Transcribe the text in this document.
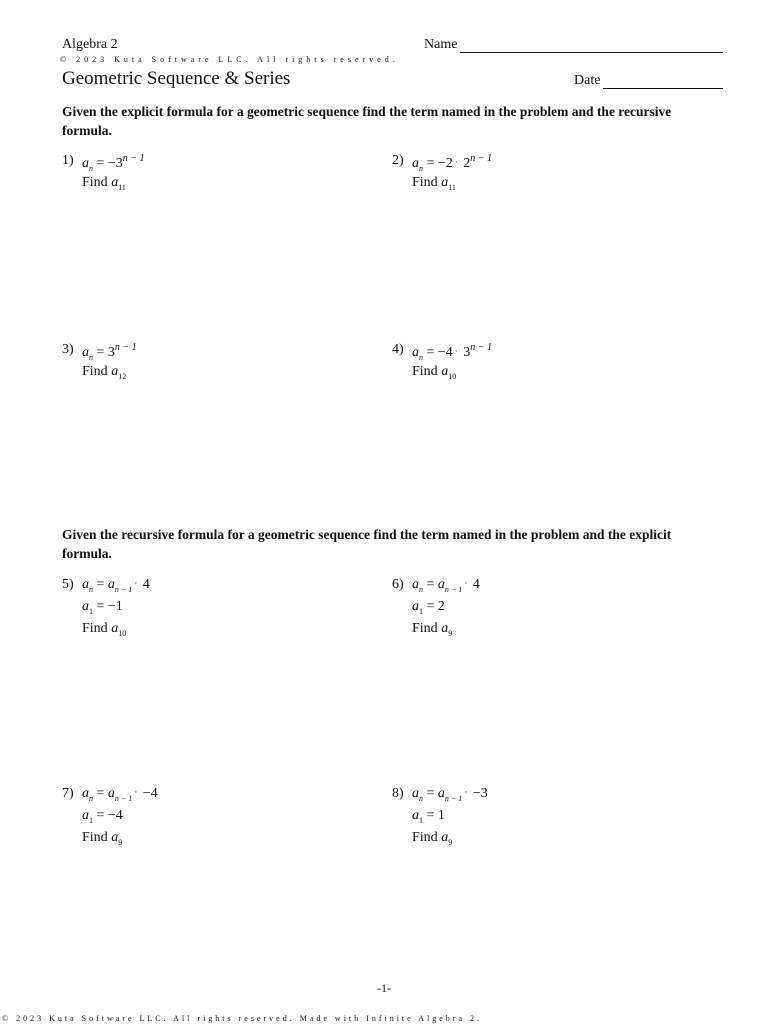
Algebra 2	Name
© 2023 Kuta Software LLC. All rights reserved.
Geometric Sequence & Series	Date
Given the explicit formula for a geometric sequence find the term named in the problem and the recursive formula.
1) $a_n = -3^{n - 1}$
Find $a_{11}$
2) $a_n = -2 \cdot 2^{n - 1}$
Find $a_{11}$
3) $a_n = 3^{n - 1}$
Find $a_{12}$
4) $a_n = -4 \cdot 3^{n - 1}$
Find $a_{10}$
Given the recursive formula for a geometric sequence find the term named in the problem and the explicit formula.
5) $a_n = a_{n - 1}\cdot 4$
$a_1 = -1$
Find $a_{10}$
6) $a_n = a_{n - 1}\cdot 4$
$a_1 = 2$
Find $a_9$
7) $a_n = a_{n - 1}\cdot -4$
$a_1 = -4$
Find $a_9$
8) $a_n = a_{n - 1}\cdot -3$
$a_1 = 1$
Find $a_9$
-1-
© 2023 Kuta Software LLC. All rights reserved. Made with Infinite Algebra 2.
